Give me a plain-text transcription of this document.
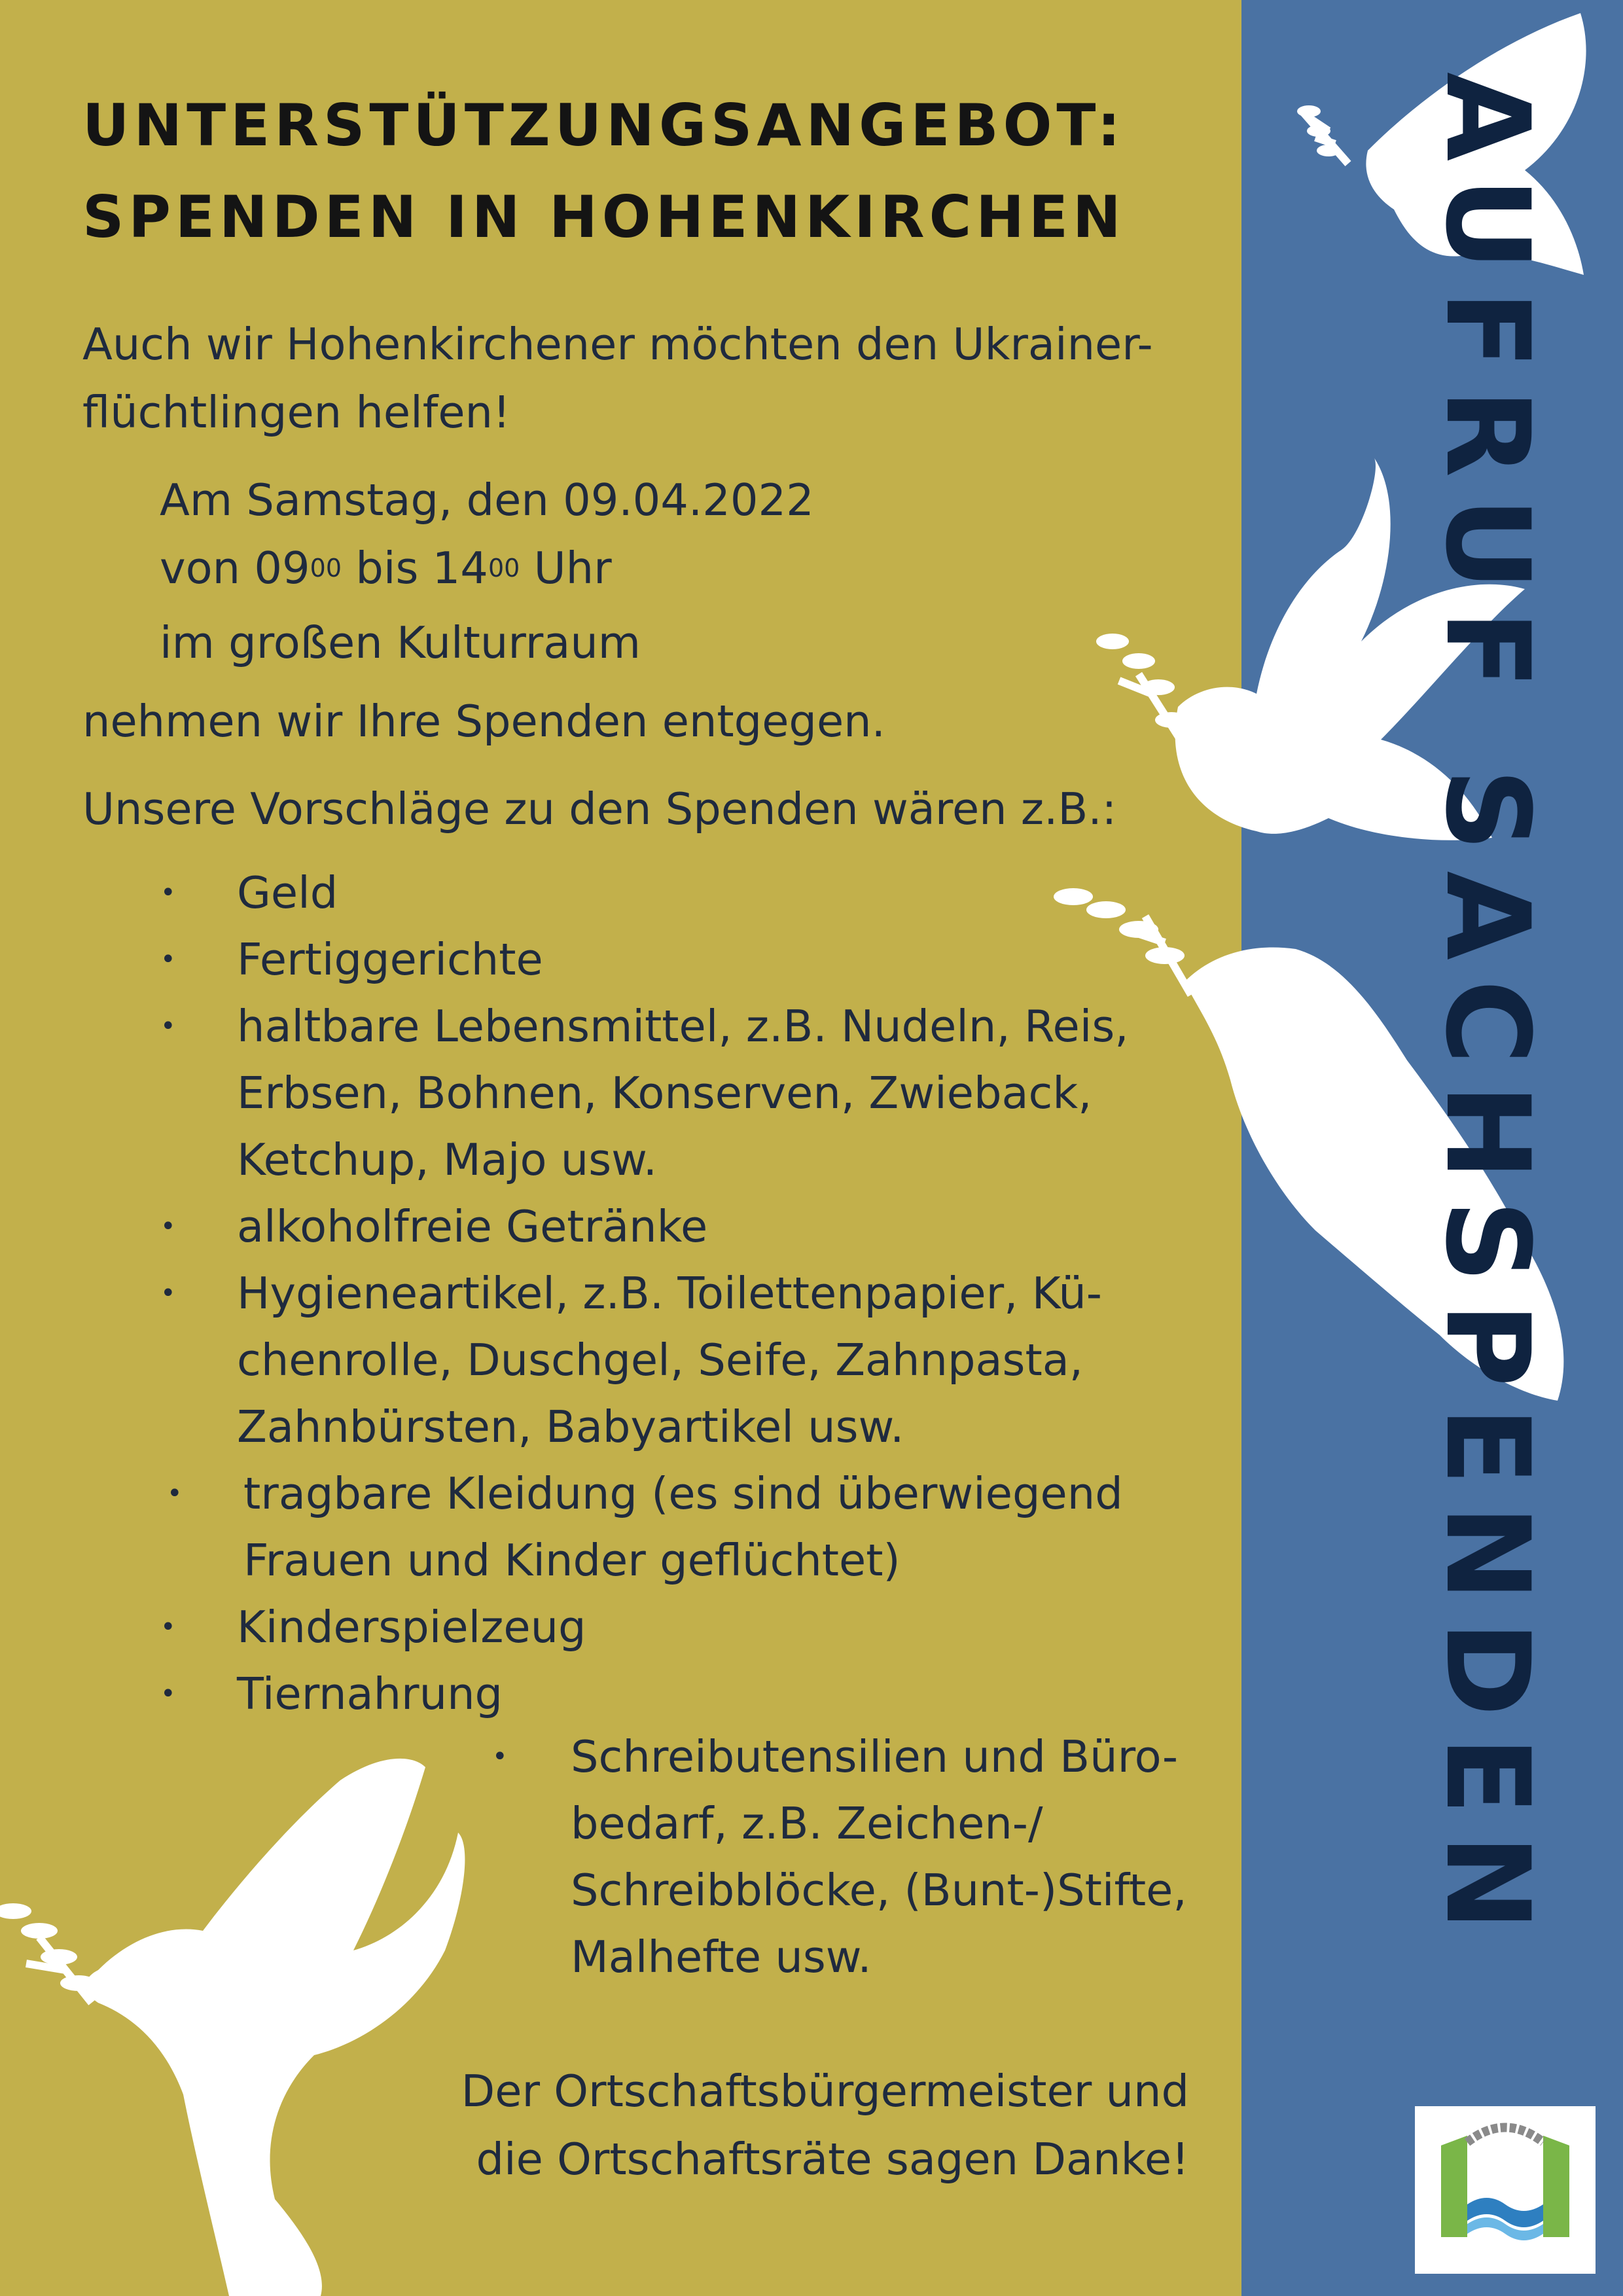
AUFRUF SACHSPENDEN
UNTERSTÜTZUNGSANGEBOT:
SPENDEN IN HOHENKIRCHEN
Auch wir Hohenkirchener möchten den Ukrainer-
flüchtlingen helfen!
Am Samstag, den 09.04.2022
von $09^{00}$ bis $14^{00}$ Uhr
im großen Kulturraum
nehmen wir Ihre Spenden entgegen.
Unsere Vorschläge zu den Spenden wären z.B.:
• Geld
• Fertiggerichte
• haltbare Lebensmittel, z.B. Nudeln, Reis,
Erbsen, Bohnen, Konserven, Zwieback,
Ketchup, Majo usw.
• alkoholfreie Getränke
• Hygieneartikel, z.B. Toilettenpapier, Kü-
chenrolle, Duschgel, Seife, Zahnpasta,
Zahnbürsten, Babyartikel usw.
• tragbare Kleidung (es sind überwiegend
Frauen und Kinder geflüchtet)
• Kinderspielzeug
• Tiernahrung
• Schreibutensilien und Büro-
bedarf, z.B. Zeichen-/
Schreibblöcke, (Bunt-)Stifte,
Malhefte usw.
Der Ortschaftsbürgermeister und
die Ortschaftsräte sagen Danke!
